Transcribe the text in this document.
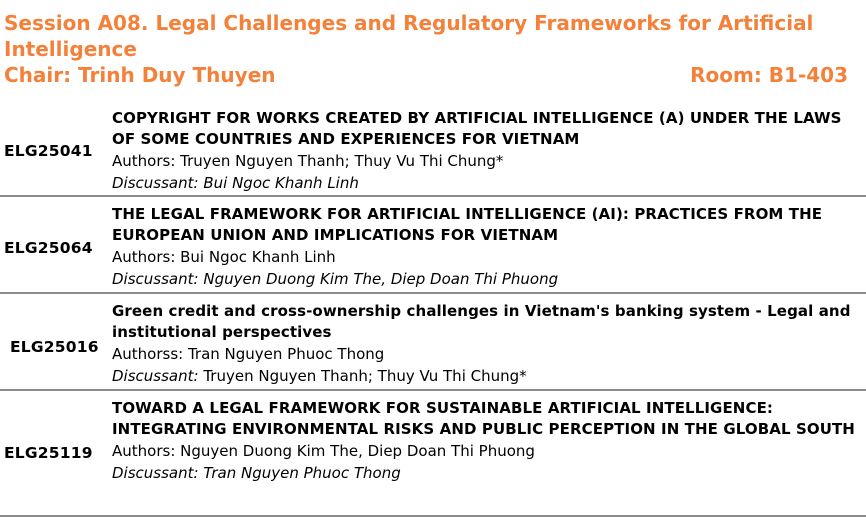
Session A08. Legal Challenges and Regulatory Frameworks for Artificial Intelligence
Chair: Trinh Duy Thuyen	Room: B1-403
ELG25041
COPYRIGHT FOR WORKS CREATED BY ARTIFICIAL INTELLIGENCE (A) UNDER THE LAWS OF SOME COUNTRIES AND EXPERIENCES FOR VIETNAM
Authors: Truyen Nguyen Thanh; Thuy Vu Thi Chung*
Discussant: Bui Ngoc Khanh Linh
ELG25064
THE LEGAL FRAMEWORK FOR ARTIFICIAL INTELLIGENCE (AI): PRACTICES FROM THE EUROPEAN UNION AND IMPLICATIONS FOR VIETNAM
Authors: Bui Ngoc Khanh Linh
Discussant: Nguyen Duong Kim The, Diep Doan Thi Phuong
ELG25016
Green credit and cross-ownership challenges in Vietnam's banking system - Legal and institutional perspectives
Authorss: Tran Nguyen Phuoc Thong
Discussant: Truyen Nguyen Thanh; Thuy Vu Thi Chung*
ELG25119
TOWARD A LEGAL FRAMEWORK FOR SUSTAINABLE ARTIFICIAL INTELLIGENCE: INTEGRATING ENVIRONMENTAL RISKS AND PUBLIC PERCEPTION IN THE GLOBAL SOUTH
Authors: Nguyen Duong Kim The, Diep Doan Thi Phuong
Discussant: Tran Nguyen Phuoc Thong
